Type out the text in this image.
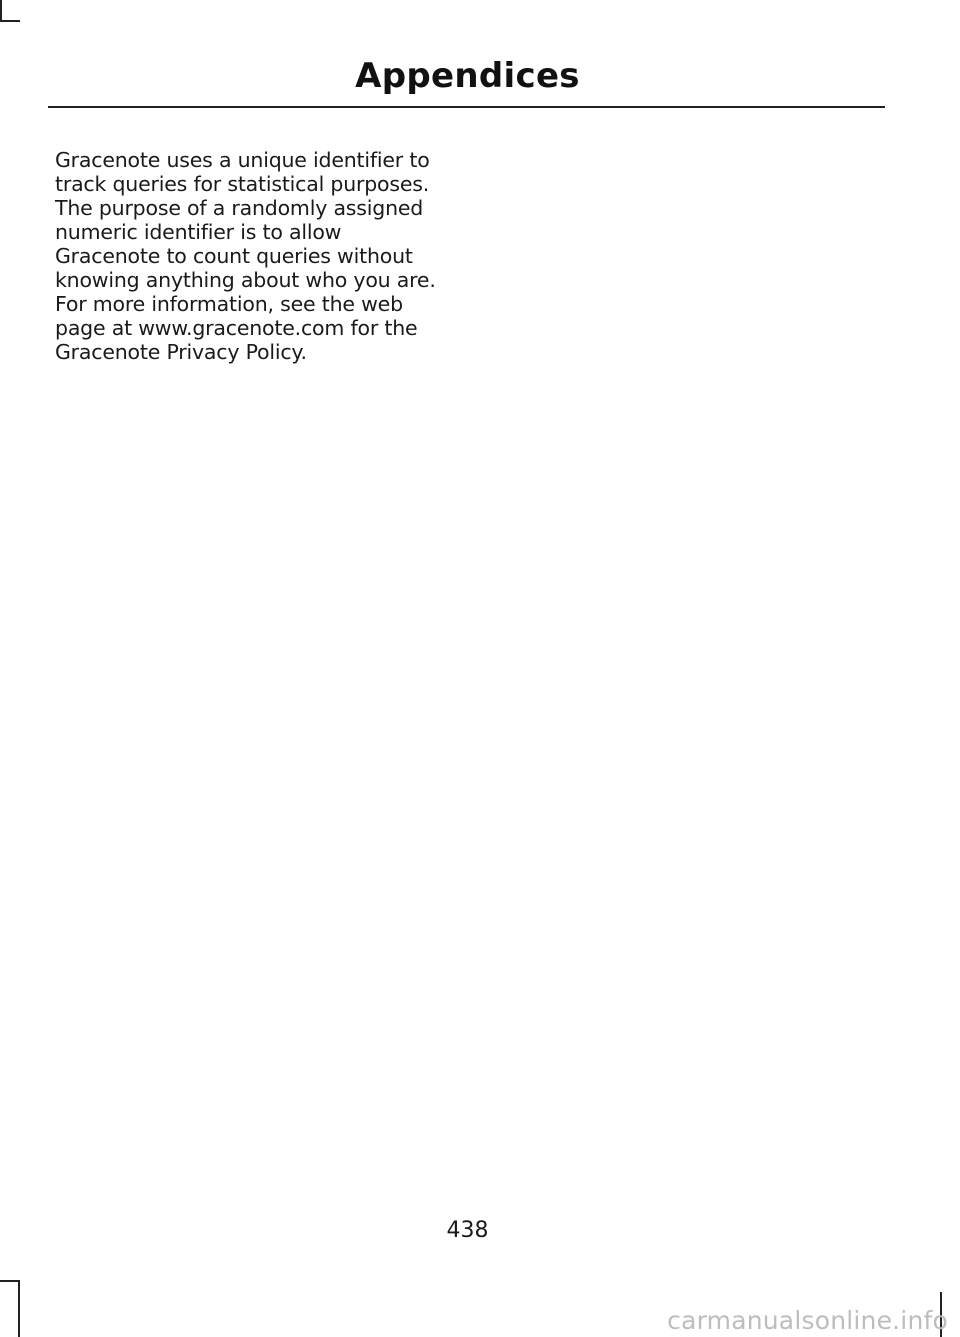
Appendices
Gracenote uses a unique identifier to
track queries for statistical purposes.
The purpose of a randomly assigned
numeric identifier is to allow
Gracenote to count queries without
knowing anything about who you are.
For more information, see the web
page at www.gracenote.com for the
Gracenote Privacy Policy.
438
carmanualsonline.info
